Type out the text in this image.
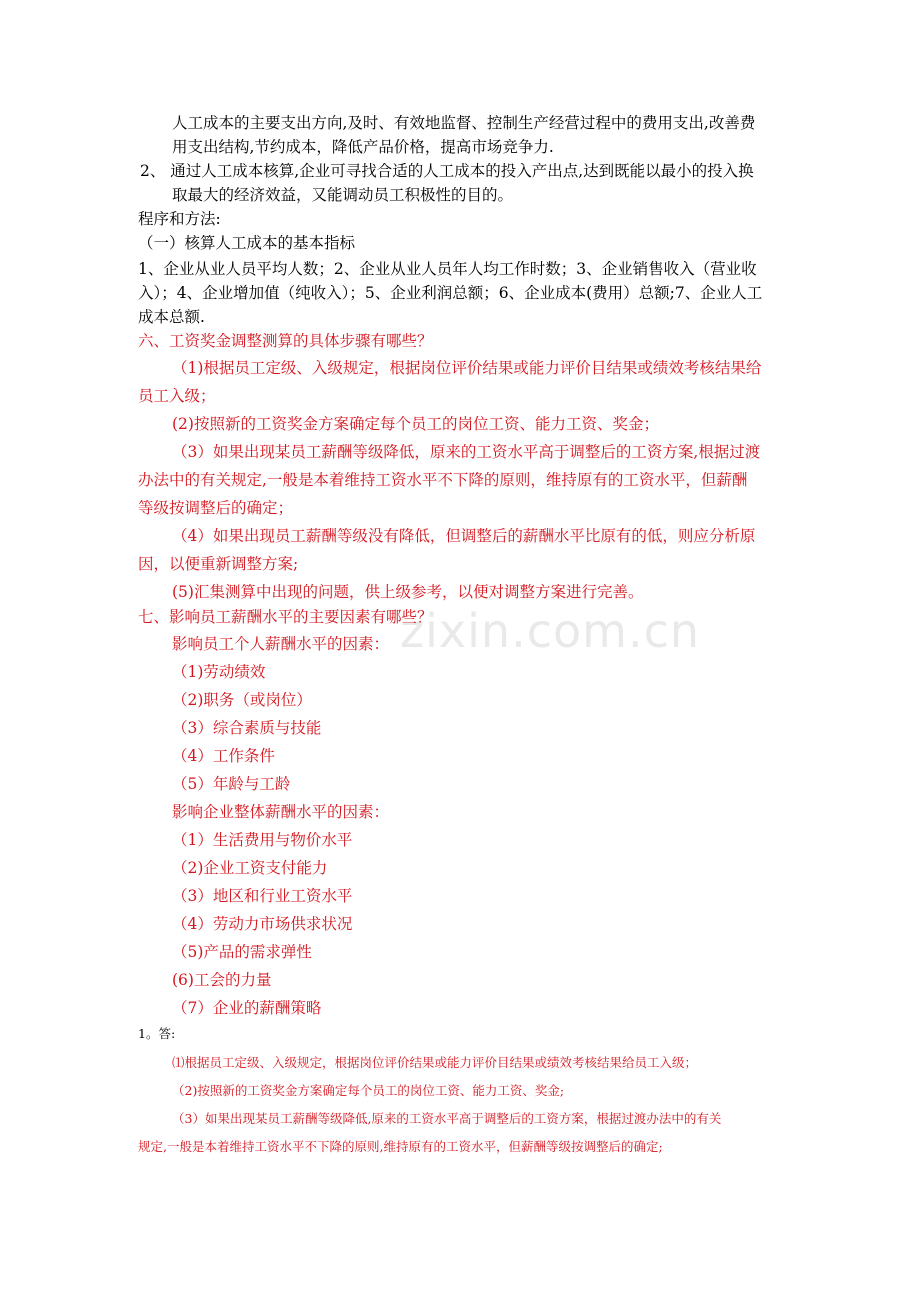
zixin.com.cn
人工成本的主要支出方向,及时、有效地监督、控制生产经营过程中的费用支出,改善费
用支出结构,节约成本，降低产品价格，提高市场竞争力.
2、 通过人工成本核算,企业可寻找合适的人工成本的投入产出点,达到既能以最小的投入换
取最大的经济效益，又能调动员工积极性的目的。
程序和方法:
（一）核算人工成本的基本指标
1、企业从业人员平均人数；2、企业从业人员年人均工作时数；3、企业销售收入（营业收
入）；4、企业增加值（纯收入）；5、企业利润总额；6、企业成本(费用）总额;7、企业人工
成本总额.
六、工资奖金调整测算的具体步骤有哪些？
（1)根据员工定级、入级规定，根据岗位评价结果或能力评价目结果或绩效考核结果给
员工入级；
(2)按照新的工资奖金方案确定每个员工的岗位工资、能力工资、奖金；
（3）如果出现某员工薪酬等级降低，原来的工资水平高于调整后的工资方案,根据过渡
办法中的有关规定,一般是本着维持工资水平不下降的原则，维持原有的工资水平，但薪酬
等级按调整后的确定；
（4）如果出现员工薪酬等级没有降低，但调整后的薪酬水平比原有的低，则应分析原
因，以便重新调整方案;
(5)汇集测算中出现的问题，供上级参考，以便对调整方案进行完善。
七、影响员工薪酬水平的主要因素有哪些？
影响员工个人薪酬水平的因素：
（1)劳动绩效
（2)职务（或岗位）
（3）综合素质与技能
（4）工作条件
（5）年龄与工龄
影响企业整体薪酬水平的因素：
（1）生活费用与物价水平
（2)企业工资支付能力
（3）地区和行业工资水平
（4）劳动力市场供求状况
（5)产品的需求弹性
(6)工会的力量
（7）企业的薪酬策略
1。答:
⑴根据员工定级、入级规定，根据岗位评价结果或能力评价目结果或绩效考核结果给员工入级；
（2)按照新的工资奖金方案确定每个员工的岗位工资、能力工资、奖金;
（3）如果出现某员工薪酬等级降低,原来的工资水平高于调整后的工资方案，根据过渡办法中的有关
规定,一般是本着维持工资水平不下降的原则,维持原有的工资水平，但薪酬等级按调整后的确定;
